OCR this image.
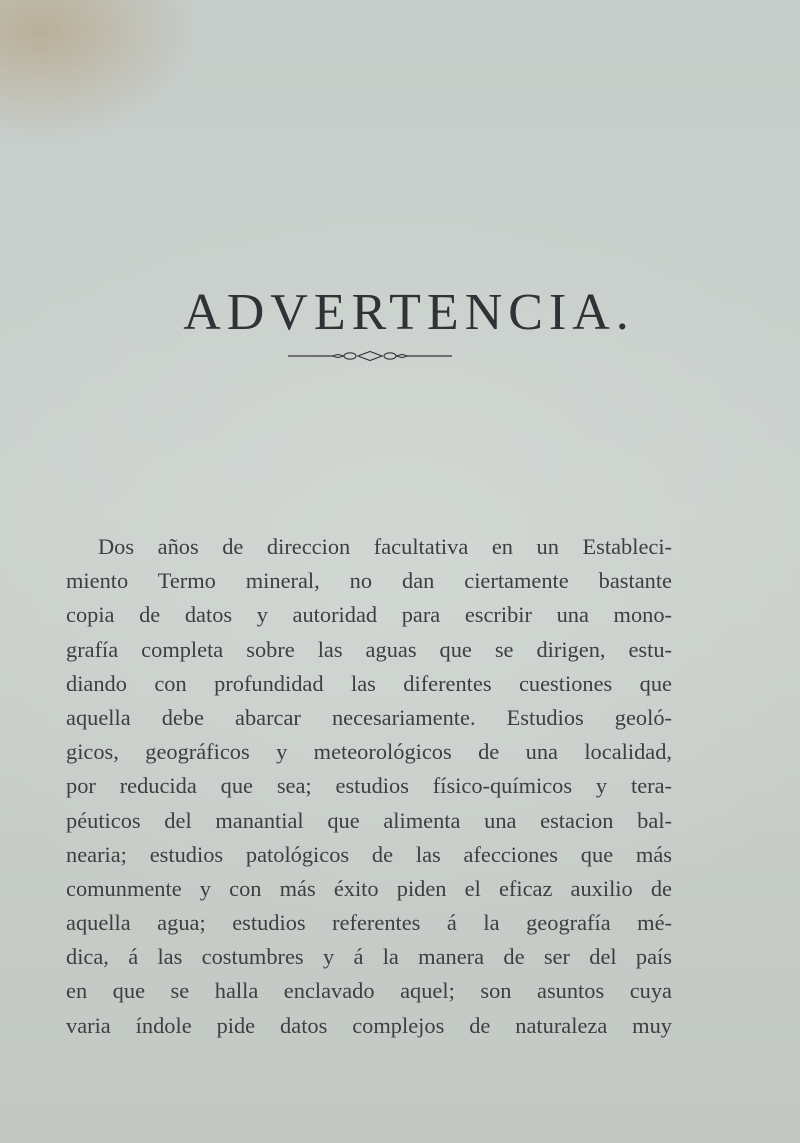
ADVERTENCIA.
Dos años de direccion facultativa en un Estableci-
miento Termo mineral, no dan ciertamente bastante
copia de datos y autoridad para escribir una mono-
grafía completa sobre las aguas que se dirigen, estu-
diando con profundidad las diferentes cuestiones que
aquella debe abarcar necesariamente. Estudios geoló-
gicos, geográficos y meteorológicos de una localidad,
por reducida que sea; estudios físico-químicos y tera-
péuticos del manantial que alimenta una estacion bal-
nearia; estudios patológicos de las afecciones que más
comunmente y con más éxito piden el eficaz auxilio de
aquella agua; estudios referentes á la geografía mé-
dica, á las costumbres y á la manera de ser del país
en que se halla enclavado aquel; son asuntos cuya
varia índole pide datos complejos de naturaleza muy
